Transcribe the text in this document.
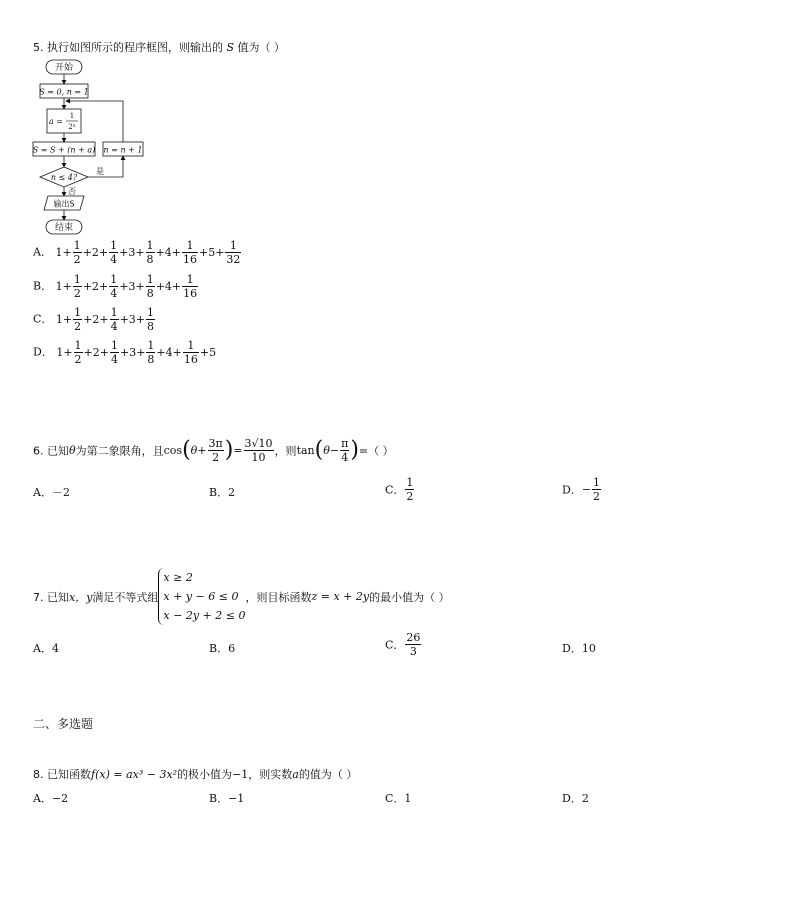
5. 执行如图所示的程序框图，则输出的 S 值为（ ）
开始
S = 0, n = 1
a =
1
2ⁿ
S = S + (n + a) n = n + 1
n ≤ 4?
是
否
输出S
结束
A． $1+ \frac{1}{2} +2+ \frac{1}{4} +3+ \frac{1}{8} +4+ \frac{1}{16} +5+ \frac{1}{32}$
B． $1+ \frac{1}{2} +2+ \frac{1}{4} +3+ \frac{1}{8} +4+ \frac{1}{16}$
C． $1+ \frac{1}{2} +2+ \frac{1}{4} +3+ \frac{1}{8}$
D． $1+ \frac{1}{2} +2+ \frac{1}{4} +3+ \frac{1}{8} +4+ \frac{1}{16} +5$
6. 已知θ为第二象限角，且$\cos(\theta+ \frac{3\pi}{2}$ )= $\frac{3√10}{10}$ ，则$\tan(\theta- \frac{\pi}{4}$ )=（ ）
A．－2	B．2	C． $\frac{1}{2}$	D．− $\frac{1}{2}$
7. 已知 x，y 满足不等式组
x ≥ 2
x + y − 6 ≤ 0
x − 2y + 2 ≤ 0
，则目标函数 z = x + 2y 的最小值为（ ）
A．4	B．6	C． $\frac{26}{3}$	D．10
二、多选题
8. 已知函数f(x) = ax³ − 3x²的极小值为−1，则实数a的值为（ ）
A．−2	B．−1	C．1	D．2
